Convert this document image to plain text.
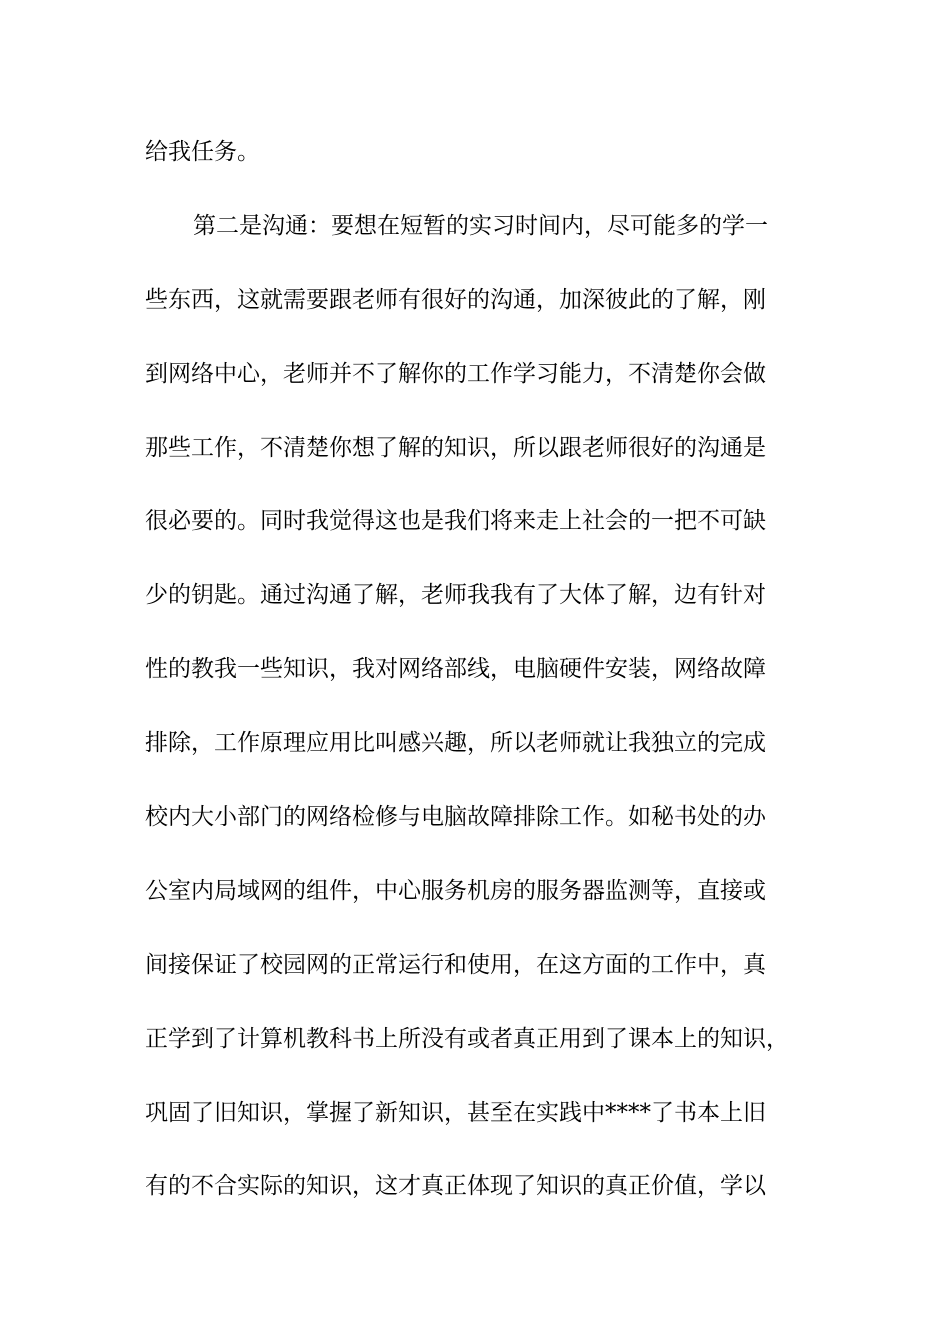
给我任务。
第二是沟通：要想在短暂的实习时间内，尽可能多的学一
些东西，这就需要跟老师有很好的沟通，加深彼此的了解，刚
到网络中心，老师并不了解你的工作学习能力，不清楚你会做
那些工作，不清楚你想了解的知识，所以跟老师很好的沟通是
很必要的。同时我觉得这也是我们将来走上社会的一把不可缺
少的钥匙。通过沟通了解，老师我我有了大体了解，边有针对
性的教我一些知识，我对网络部线，电脑硬件安装，网络故障
排除，工作原理应用比叫感兴趣，所以老师就让我独立的完成
校内大小部门的网络检修与电脑故障排除工作。如秘书处的办
公室内局域网的组件，中心服务机房的服务器监测等，直接或
间接保证了校园网的正常运行和使用，在这方面的工作中，真
正学到了计算机教科书上所没有或者真正用到了课本上的知识，
巩固了旧知识，掌握了新知识，甚至在实践中****了书本上旧
有的不合实际的知识，这才真正体现了知识的真正价值，学以
